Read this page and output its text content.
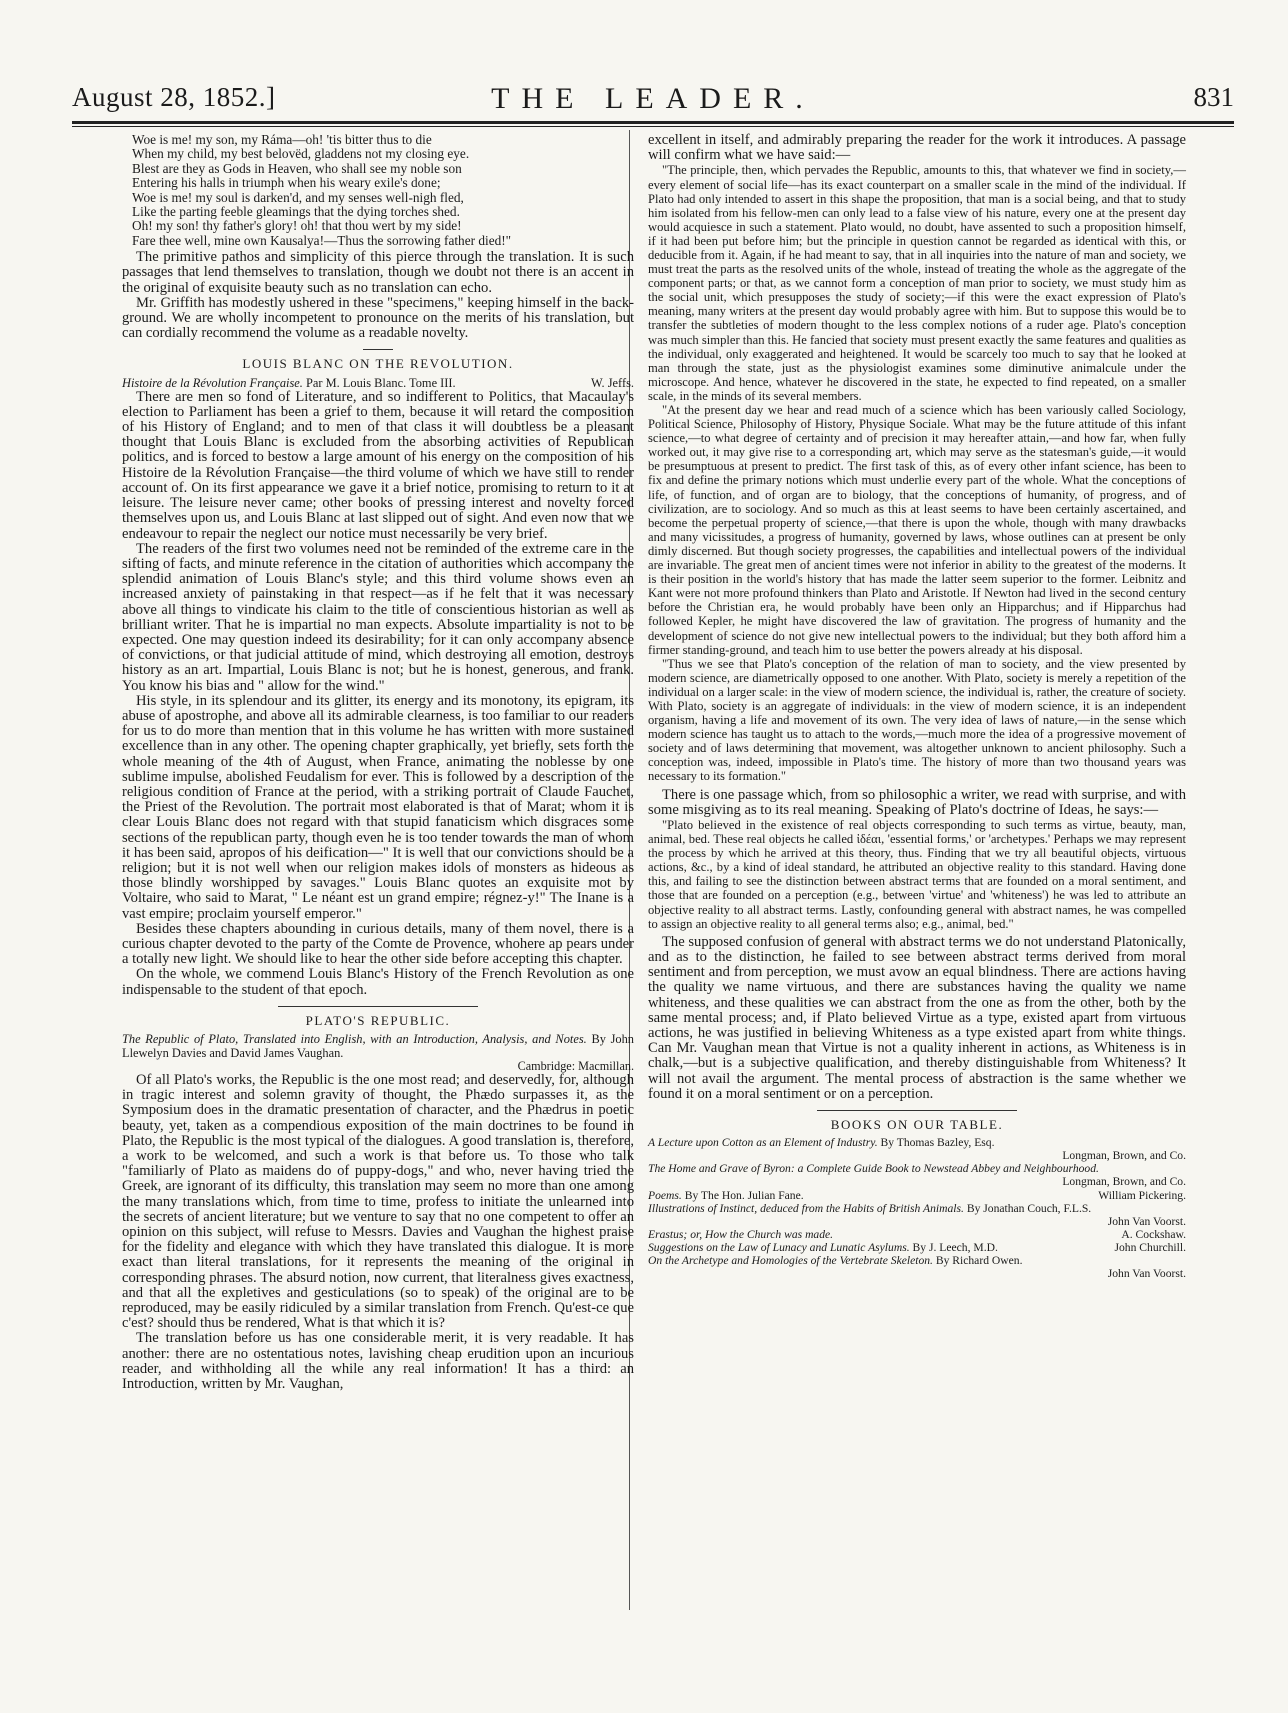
August 28, 1852.]	THE LEADER.	831
Woe is me! my son, my Ráma—oh! 'tis bitter thus to die
When my child, my best belovëd, gladdens not my closing eye.
Blest are they as Gods in Heaven, who shall see my noble son
Entering his halls in triumph when his weary exile's done;
Woe is me! my soul is darken'd, and my senses well-nigh fled,
Like the parting feeble gleamings that the dying torches shed.
Oh! my son! thy father's glory! oh! that thou wert by my side!
Fare thee well, mine own Kausalya!—Thus the sorrowing father died!"

The primitive pathos and simplicity of this pierce through the translation. It is such passages that lend themselves to translation, though we doubt not there is an accent in the original of exquisite beauty such as no translation can echo.

Mr. Griffith has modestly ushered in these "specimens," keeping himself in the back-ground. We are wholly incompetent to pronounce on the merits of his translation, but can cordially recommend the volume as a readable novelty.

LOUIS BLANC ON THE REVOLUTION.

Histoire de la Révolution Française. Par M. Louis Blanc. Tome III.	W. Jeffs.

There are men so fond of Literature, and so indifferent to Politics, that Macaulay's election to Parliament has been a grief to them, because it will retard the composition of his History of England; and to men of that class it will doubtless be a pleasant thought that Louis Blanc is excluded from the absorbing activities of Republican politics, and is forced to bestow a large amount of his energy on the composition of his Histoire de la Révolution Française—the third volume of which we have still to render account of. On its first appearance we gave it a brief notice, promising to return to it at leisure. The leisure never came; other books of pressing interest and novelty forced themselves upon us, and Louis Blanc at last slipped out of sight. And even now that we endeavour to repair the neglect our notice must necessarily be very brief.

The readers of the first two volumes need not be reminded of the extreme care in the sifting of facts, and minute reference in the citation of authorities which accompany the splendid animation of Louis Blanc's style; and this third volume shows even an increased anxiety of painstaking in that respect—as if he felt that it was necessary above all things to vindicate his claim to the title of conscientious historian as well as brilliant writer. That he is impartial no man expects. Absolute impartiality is not to be expected. One may question indeed its desirability; for it can only accompany absence of convictions, or that judicial attitude of mind, which destroying all emotion, destroys history as an art. Impartial, Louis Blanc is not; but he is honest, generous, and frank. You know his bias and " allow for the wind."

His style, in its splendour and its glitter, its energy and its monotony, its epigram, its abuse of apostrophe, and above all its admirable clearness, is too familiar to our readers for us to do more than mention that in this volume he has written with more sustained excellence than in any other. The opening chapter graphically, yet briefly, sets forth the whole meaning of the 4th of August, when France, animating the noblesse by one sublime impulse, abolished Feudalism for ever. This is followed by a description of the religious condition of France at the period, with a striking portrait of Claude Fauchet, the Priest of the Revolution. The portrait most elaborated is that of Marat; whom it is clear Louis Blanc does not regard with that stupid fanaticism which disgraces some sections of the republican party, though even he is too tender towards the man of whom it has been said, apropos of his deification—" It is well that our convictions should be a religion; but it is not well when our religion makes idols of monsters as hideous as those blindly worshipped by savages." Louis Blanc quotes an exquisite mot by Voltaire, who said to Marat, " Le néant est un grand empire; régnez-y!" The Inane is a vast empire; proclaim yourself emperor."

Besides these chapters abounding in curious details, many of them novel, there is a curious chapter devoted to the party of the Comte de Provence, whohere ap pears under a totally new light. We should like to hear the other side before accepting this chapter.

On the whole, we commend Louis Blanc's History of the French Revolution as one indispensable to the student of that epoch.

PLATO'S REPUBLIC.

The Republic of Plato, Translated into English, with an Introduction, Analysis, and Notes. By John Llewelyn Davies and David James Vaughan.

Cambridge: Macmillan.

Of all Plato's works, the Republic is the one most read; and deservedly, for, although in tragic interest and solemn gravity of thought, the Phædo surpasses it, as the Symposium does in the dramatic presentation of character, and the Phædrus in poetic beauty, yet, taken as a compendious exposition of the main doctrines to be found in Plato, the Republic is the most typical of the dialogues. A good translation is, therefore, a work to be welcomed, and such a work is that before us. To those who talk "familiarly of Plato as maidens do of puppy-dogs," and who, never having tried the Greek, are ignorant of its difficulty, this translation may seem no more than one among the many translations which, from time to time, profess to initiate the unlearned into the secrets of ancient literature; but we venture to say that no one competent to offer an opinion on this subject, will refuse to Messrs. Davies and Vaughan the highest praise for the fidelity and elegance with which they have translated this dialogue. It is more exact than literal translations, for it represents the meaning of the original in corresponding phrases. The absurd notion, now current, that literalness gives exactness, and that all the expletives and gesticulations (so to speak) of the original are to be reproduced, may be easily ridiculed by a similar translation from French. Qu'est-ce que c'est? should thus be rendered, What is that which it is?

The translation before us has one considerable merit, it is very readable. It has another: there are no ostentatious notes, lavishing cheap erudition upon an incurious reader, and withholding all the while any real information! It has a third: an Introduction, written by Mr. Vaughan,

excellent in itself, and admirably preparing the reader for the work it introduces. A passage will confirm what we have said:—

"The principle, then, which pervades the Republic, amounts to this, that whatever we find in society,—every element of social life—has its exact counterpart on a smaller scale in the mind of the individual. If Plato had only intended to assert in this shape the proposition, that man is a social being, and that to study him isolated from his fellow-men can only lead to a false view of his nature, every one at the present day would acquiesce in such a statement. Plato would, no doubt, have assented to such a proposition himself, if it had been put before him; but the principle in question cannot be regarded as identical with this, or deducible from it. Again, if he had meant to say, that in all inquiries into the nature of man and society, we must treat the parts as the resolved units of the whole, instead of treating the whole as the aggregate of the component parts; or that, as we cannot form a conception of man prior to society, we must study him as the social unit, which presupposes the study of society;—if this were the exact expression of Plato's meaning, many writers at the present day would probably agree with him. But to suppose this would be to transfer the subtleties of modern thought to the less complex notions of a ruder age. Plato's conception was much simpler than this. He fancied that society must present exactly the same features and qualities as the individual, only exaggerated and heightened. It would be scarcely too much to say that he looked at man through the state, just as the physiologist examines some diminutive animalcule under the microscope. And hence, whatever he discovered in the state, he expected to find repeated, on a smaller scale, in the minds of its several members.

"At the present day we hear and read much of a science which has been variously called Sociology, Political Science, Philosophy of History, Physique Sociale. What may be the future attitude of this infant science,—to what degree of certainty and of precision it may hereafter attain,—and how far, when fully worked out, it may give rise to a corresponding art, which may serve as the statesman's guide,—it would be presumptuous at present to predict. The first task of this, as of every other infant science, has been to fix and define the primary notions which must underlie every part of the whole. What the conceptions of life, of function, and of organ are to biology, that the conceptions of humanity, of progress, and of civilization, are to sociology. And so much as this at least seems to have been certainly ascertained, and become the perpetual property of science,—that there is upon the whole, though with many drawbacks and many vicissitudes, a progress of humanity, governed by laws, whose outlines can at present be only dimly discerned. But though society progresses, the capabilities and intellectual powers of the individual are invariable. The great men of ancient times were not inferior in ability to the greatest of the moderns. It is their position in the world's history that has made the latter seem superior to the former. Leibnitz and Kant were not more profound thinkers than Plato and Aristotle. If Newton had lived in the second century before the Christian era, he would probably have been only an Hipparchus; and if Hipparchus had followed Kepler, he might have discovered the law of gravitation. The progress of humanity and the development of science do not give new intellectual powers to the individual; but they both afford him a firmer standing-ground, and teach him to use better the powers already at his disposal.

"Thus we see that Plato's conception of the relation of man to society, and the view presented by modern science, are diametrically opposed to one another. With Plato, society is merely a repetition of the individual on a larger scale: in the view of modern science, the individual is, rather, the creature of society. With Plato, society is an aggregate of individuals: in the view of modern science, it is an independent organism, having a life and movement of its own. The very idea of laws of nature,—in the sense which modern science has taught us to attach to the words,—much more the idea of a progressive movement of society and of laws determining that movement, was altogether unknown to ancient philosophy. Such a conception was, indeed, impossible in Plato's time. The history of more than two thousand years was necessary to its formation."

There is one passage which, from so philosophic a writer, we read with surprise, and with some misgiving as to its real meaning. Speaking of Plato's doctrine of Ideas, he says:—

"Plato believed in the existence of real objects corresponding to such terms as virtue, beauty, man, animal, bed. These real objects he called ἰδέαι, 'essential forms,' or 'archetypes.' Perhaps we may represent the process by which he arrived at this theory, thus. Finding that we try all beautiful objects, virtuous actions, &c., by a kind of ideal standard, he attributed an objective reality to this standard. Having done this, and failing to see the distinction between abstract terms that are founded on a moral sentiment, and those that are founded on a perception (e.g., between 'virtue' and 'whiteness') he was led to attribute an objective reality to all abstract terms. Lastly, confounding general with abstract names, he was compelled to assign an objective reality to all general terms also; e.g., animal, bed."

The supposed confusion of general with abstract terms we do not understand Platonically, and as to the distinction, he failed to see between abstract terms derived from moral sentiment and from perception, we must avow an equal blindness. There are actions having the quality we name virtuous, and there are substances having the quality we name whiteness, and these qualities we can abstract from the one as from the other, both by the same mental process; and, if Plato believed Virtue as a type, existed apart from virtuous actions, he was justified in believing Whiteness as a type existed apart from white things. Can Mr. Vaughan mean that Virtue is not a quality inherent in actions, as Whiteness is in chalk,—but is a subjective qualification, and thereby distinguishable from Whiteness? It will not avail the argument. The mental process of abstraction is the same whether we found it on a moral sentiment or on a perception.

BOOKS ON OUR TABLE.
A Lecture upon Cotton as an Element of Industry. By Thomas Bazley, Esq.
Longman, Brown, and Co.
The Home and Grave of Byron: a Complete Guide Book to Newstead Abbey and Neighbourhood.
Longman, Brown, and Co.
Poems. By The Hon. Julian Fane.	William Pickering.
Illustrations of Instinct, deduced from the Habits of British Animals. By Jonathan Couch, F.L.S.
John Van Voorst.
Erastus; or, How the Church was made.	A. Cockshaw.
Suggestions on the Law of Lunacy and Lunatic Asylums. By J. Leech, M.D.	John Churchill.
On the Archetype and Homologies of the Vertebrate Skeleton. By Richard Owen.
John Van Voorst.
